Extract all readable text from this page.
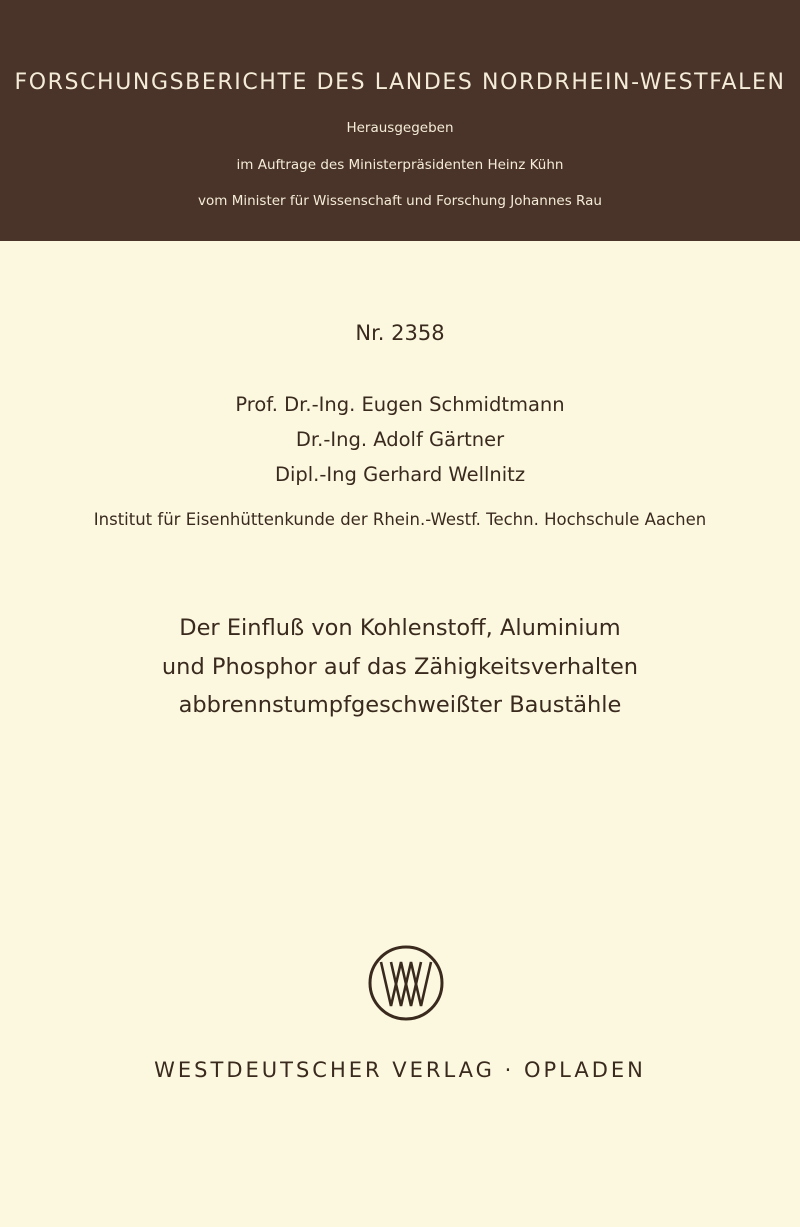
FORSCHUNGSBERICHTE DES LANDES NORDRHEIN-WESTFALEN
Herausgegeben
im Auftrage des Ministerpräsidenten Heinz Kühn
vom Minister für Wissenschaft und Forschung Johannes Rau
Nr. 2358
Prof. Dr.-Ing. Eugen Schmidtmann
Dr.-Ing. Adolf Gärtner
Dipl.-Ing Gerhard Wellnitz
Institut für Eisenhüttenkunde der Rhein.-Westf. Techn. Hochschule Aachen
Der Einfluß von Kohlenstoff, Aluminium
und Phosphor auf das Zähigkeitsverhalten
abbrennstumpfgeschweißter Baustähle
WESTDEUTSCHER VERLAG · OPLADEN
